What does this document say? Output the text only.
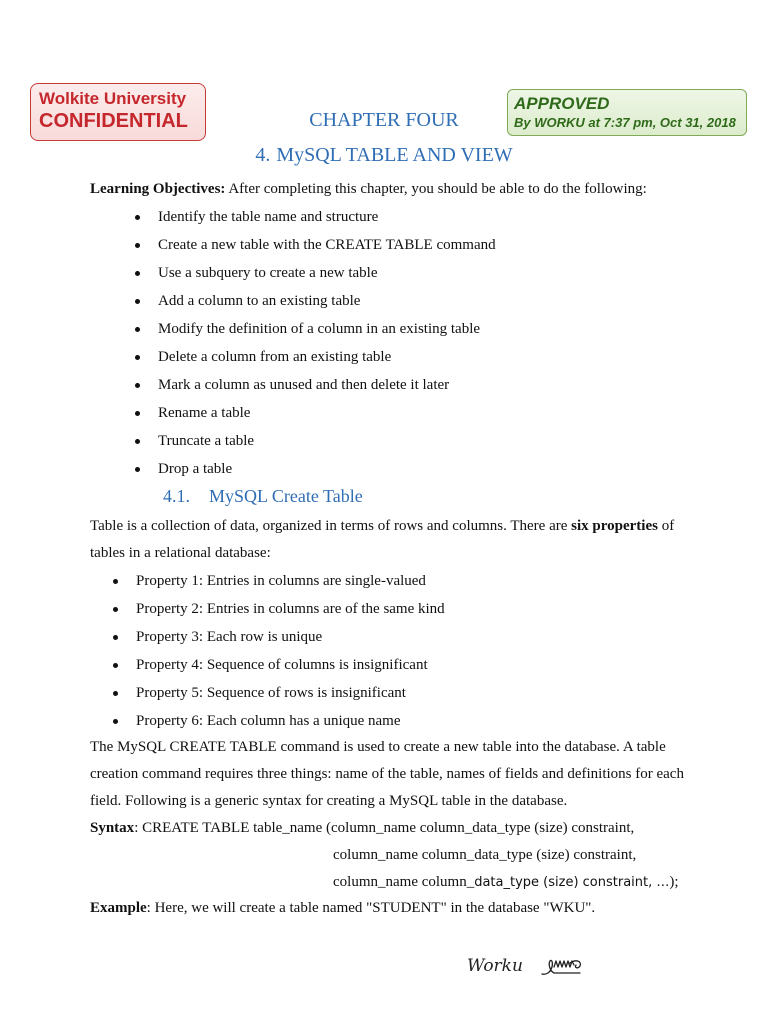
Wolkite University
CONFIDENTIAL
APPROVED
By WORKU at 7:37 pm, Oct 31, 2018
CHAPTER FOUR
4. MySQL TABLE AND VIEW
Learning Objectives: After completing this chapter, you should be able to do the following:
Identify the table name and structure
Create a new table with the CREATE TABLE command
Use a subquery to create a new table
Add a column to an existing table
Modify the definition of a column in an existing table
Delete a column from an existing table
Mark a column as unused and then delete it later
Rename a table
Truncate a table
Drop a table
4.1. MySQL Create Table
Table is a collection of data, organized in terms of rows and columns. There are six properties of
tables in a relational database:
Property 1: Entries in columns are single-valued
Property 2: Entries in columns are of the same kind
Property 3: Each row is unique
Property 4: Sequence of columns is insignificant
Property 5: Sequence of rows is insignificant
Property 6: Each column has a unique name
The MySQL CREATE TABLE command is used to create a new table into the database. A table
creation command requires three things: name of the table, names of fields and definitions for each
field. Following is a generic syntax for creating a MySQL table in the database.
Syntax: CREATE TABLE table_name (column_name column_data_type (size) constraint,
column_name column_data_type (size) constraint,
column_name column_data_type (size) constraint, …);
Example: Here, we will create a table named "STUDENT" in the database "WKU".
Worku
